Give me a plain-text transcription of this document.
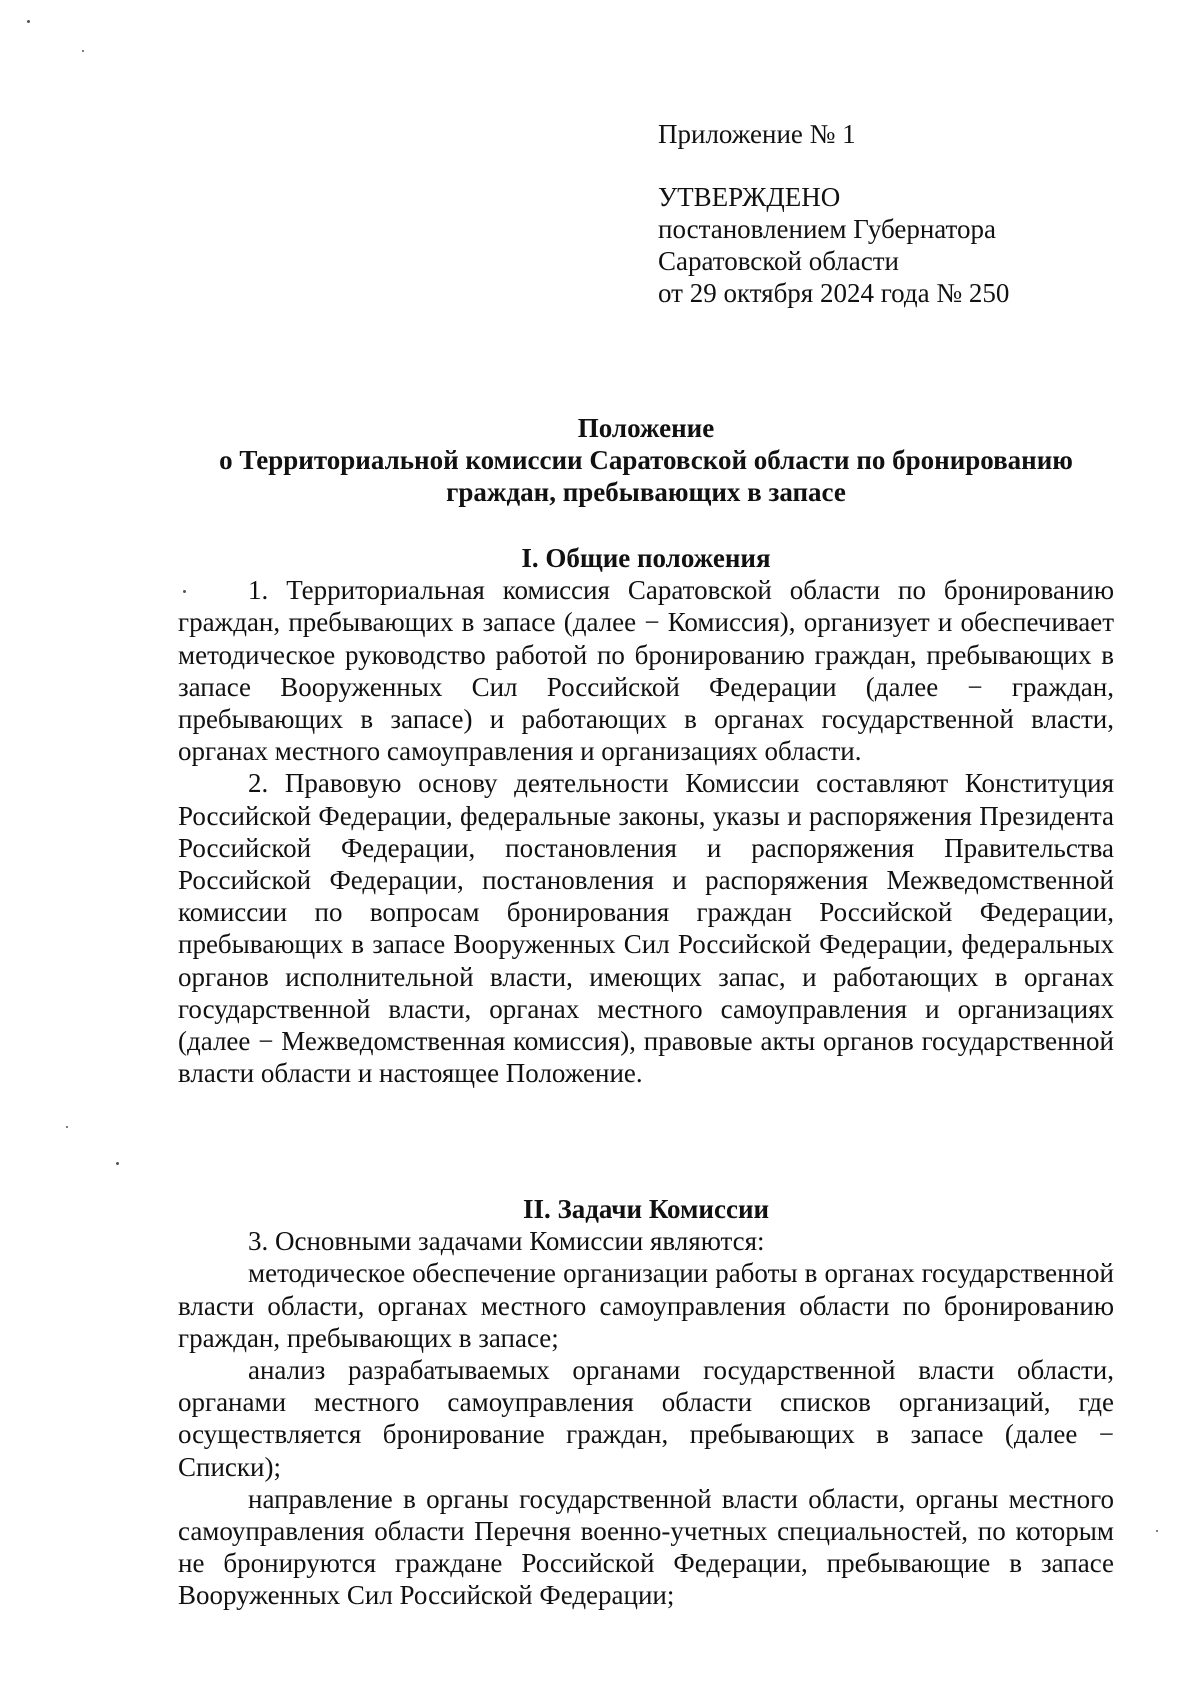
Приложение № 1
УТВЕРЖДЕНО
постановлением Губернатора
Саратовской области
от 29 октября 2024 года № 250
Положение
о Территориальной комиссии Саратовской области по бронированию
граждан, пребывающих в запасе
I. Общие положения

1. Территориальная комиссия Саратовской области по бронированию граждан, пребывающих в запасе (далее − Комиссия), организует и обеспечивает методическое руководство работой по бронированию граждан, пребывающих в запасе Вооруженных Сил Российской Федерации (далее − граждан, пребывающих в запасе) и работающих в органах государственной власти, органах местного самоуправления и организациях области.

2. Правовую основу деятельности Комиссии составляют Конституция Российской Федерации, федеральные законы, указы и распоряжения Президента Российской Федерации, постановления и распоряжения Правительства Российской Федерации, постановления и распоряжения Межведомственной комиссии по вопросам бронирования граждан Российской Федерации, пребывающих в запасе Вооруженных Сил Российской Федерации, федеральных органов исполнительной власти, имеющих запас, и работающих в органах государственной власти, органах местного самоуправления и организациях (далее − Межведомственная комиссия), правовые акты органов государственной власти области и настоящее Положение.

II. Задачи Комиссии

3. Основными задачами Комиссии являются:

методическое обеспечение организации работы в органах государственной власти области, органах местного самоуправления области по бронированию граждан, пребывающих в запасе;

анализ разрабатываемых органами государственной власти области, органами местного самоуправления области списков организаций, где осуществляется бронирование граждан, пребывающих в запасе (далее − Списки);

направление в органы государственной власти области, органы местного самоуправления области Перечня военно-учетных специальностей, по которым не бронируются граждане Российской Федерации, пребывающие в запасе Вооруженных Сил Российской Федерации;
